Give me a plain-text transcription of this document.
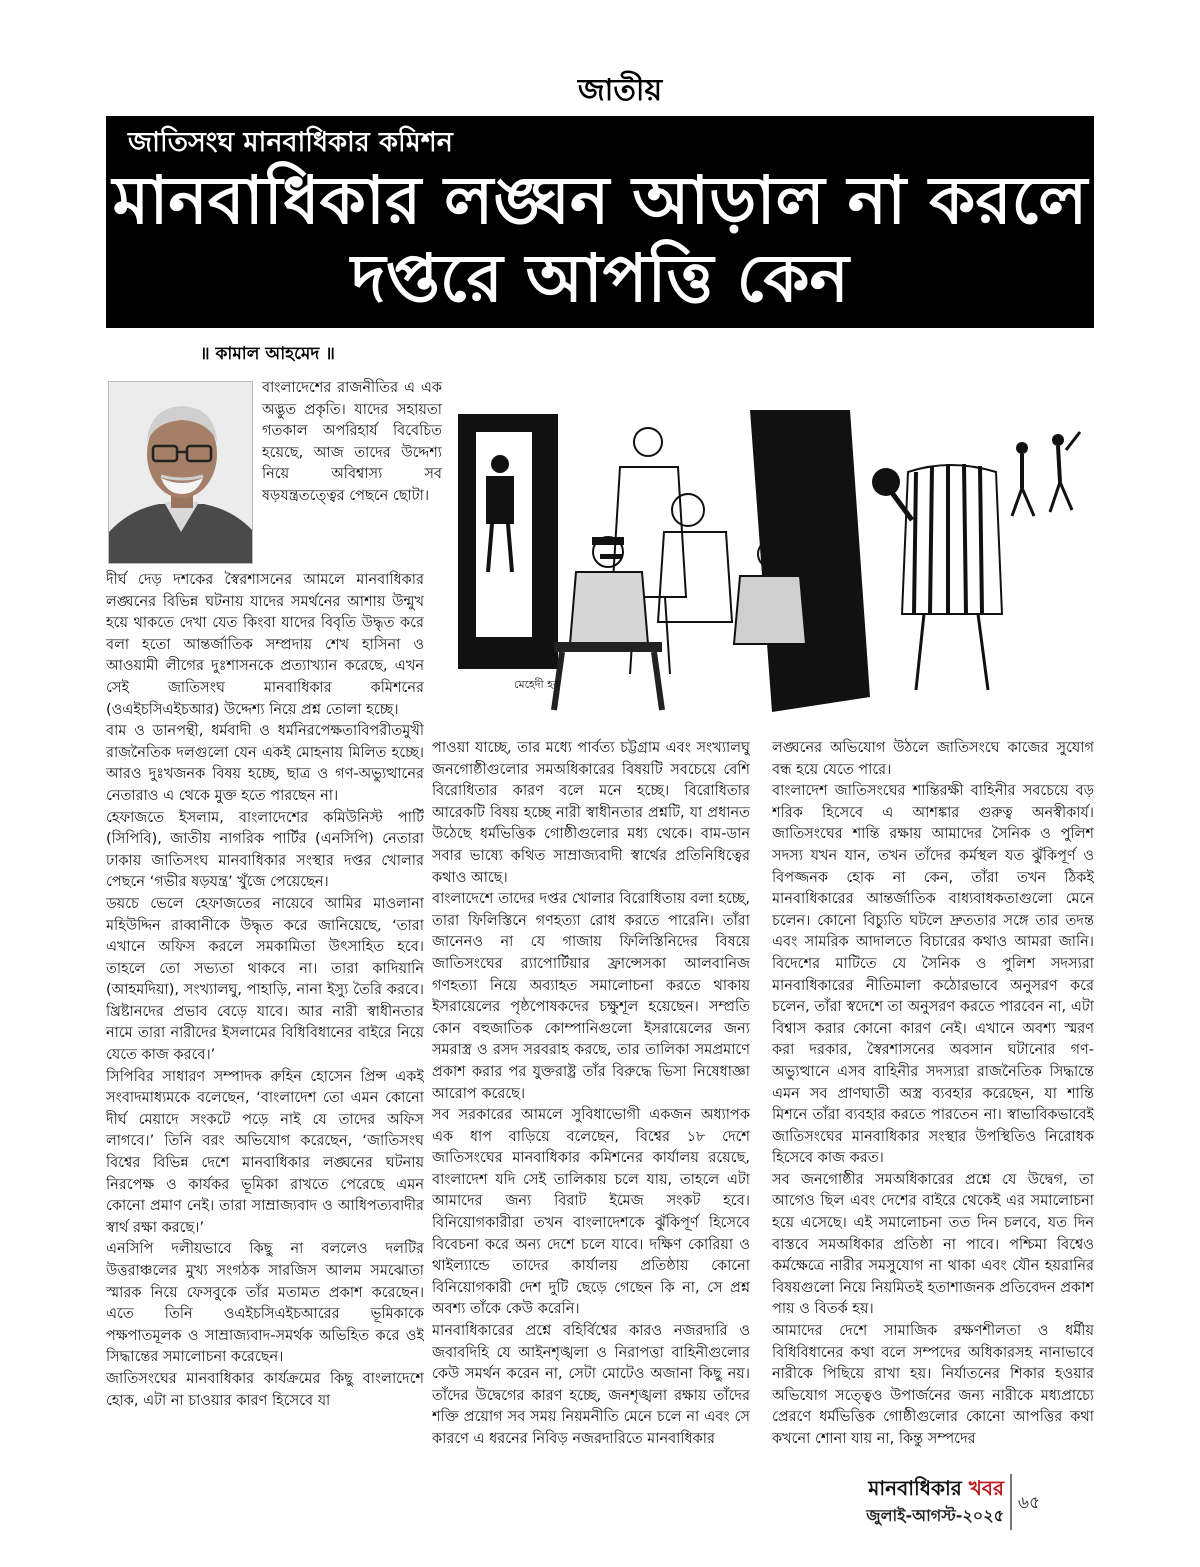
জাতীয়
জাতিসংঘ মানবাধিকার কমিশন
মানবাধিকার লঙ্ঘন আড়াল না করলে দপ্তরে আপত্তি কেন
॥ কামাল আহমেদ ॥
বাংলাদেশের রাজনীতির এ এক অদ্ভুত প্রকৃতি। যাদের সহায়তা গতকাল অপরিহার্য বিবেচিত হয়েছে, আজ তাদের উদ্দেশ্য নিয়ে অবিশ্বাস্য সব ষড়যন্ত্রতত্ত্বের পেছনে ছোটা।
মেহেদী হক

দীর্ঘ দেড় দশকের স্বৈরশাসনের আমলে মানবাধিকার লঙ্ঘনের বিভিন্ন ঘটনায় যাদের সমর্থনের আশায় উন্মুখ হয়ে থাকতে দেখা যেত কিংবা যাদের বিবৃতি উদ্ধৃত করে বলা হতো আন্তর্জাতিক সম্প্রদায় শেখ হাসিনা ও আওয়ামী লীগের দুঃশাসনকে প্রত্যাখ্যান করেছে, এখন সেই জাতিসংঘ মানবাধিকার কমিশনের (ওএইচসিএইচআর) উদ্দেশ্য নিয়ে প্রশ্ন তোলা হচ্ছে।

বাম ও ডানপন্থী, ধর্মবাদী ও ধর্মনিরপেক্ষতাবিপরীতমুখী রাজনৈতিক দলগুলো যেন একই মোহনায় মিলিত হচ্ছে। আরও দুঃখজনক বিষয় হচ্ছে, ছাত্র ও গণ-অভ্যুত্থানের নেতারাও এ থেকে মুক্ত হতে পারছেন না।

হেফাজতে ইসলাম, বাংলাদেশের কমিউনিস্ট পার্টি (সিপিবি), জাতীয় নাগরিক পার্টির (এনসিপি) নেতারা ঢাকায় জাতিসংঘ মানবাধিকার সংস্থার দপ্তর খোলার পেছনে ‘গভীর ষড়যন্ত্র’ খুঁজে পেয়েছেন।

ডয়চে ভেলে হেফাজতের নায়েবে আমির মাওলানা মহিউদ্দিন রাব্বানীকে উদ্ধৃত করে জানিয়েছে, ‘তারা এখানে অফিস করলে সমকামিতা উৎসাহিত হবে। তাহলে তো সভ্যতা থাকবে না। তারা কাদিয়ানি (আহমদিয়া), সংখ্যালঘু, পাহাড়ি, নানা ইস্যু তৈরি করবে। খ্রিষ্টানদের প্রভাব বেড়ে যাবে। আর নারী স্বাধীনতার নামে তারা নারীদের ইসলামের বিধিবিধানের বাইরে নিয়ে যেতে কাজ করবে।’

সিপিবির সাধারণ সম্পাদক রুহিন হোসেন প্রিন্স একই সংবাদমাধ্যমকে বলেছেন, ‘বাংলাদেশ তো এমন কোনো দীর্ঘ মেয়াদে সংকটে পড়ে নাই যে তাদের অফিস লাগবে।’ তিনি বরং অভিযোগ করেছেন, ‘জাতিসংঘ বিশ্বের বিভিন্ন দেশে মানবাধিকার লঙ্ঘনের ঘটনায় নিরপেক্ষ ও কার্যকর ভূমিকা রাখতে পেরেছে এমন কোনো প্রমাণ নেই। তারা সাম্রাজ্যবাদ ও আধিপত্যবাদীর স্বার্থ রক্ষা করছে।’

এনসিপি দলীয়ভাবে কিছু না বললেও দলটির উত্তরাঞ্চলের মুখ্য সংগঠক সারজিস আলম সমঝোতা স্মারক নিয়ে ফেসবুকে তাঁর মতামত প্রকাশ করেছেন। এতে তিনি ওএইচসিএইচআরের ভূমিকাকে পক্ষপাতমূলক ও সাম্রাজ্যবাদ-সমর্থক অভিহিত করে ওই সিদ্ধান্তের সমালোচনা করেছেন।

জাতিসংঘের মানবাধিকার কার্যক্রমের কিছু বাংলাদেশে হোক, এটা না চাওয়ার কারণ হিসেবে যা

পাওয়া যাচ্ছে, তার মধ্যে পার্বত্য চট্টগ্রাম এবং সংখ্যালঘু জনগোষ্ঠীগুলোর সমঅধিকারের বিষয়টি সবচেয়ে বেশি বিরোধিতার কারণ বলে মনে হচ্ছে। বিরোধিতার আরেকটি বিষয় হচ্ছে নারী স্বাধীনতার প্রশ্নটি, যা প্রধানত উঠেছে ধর্মভিত্তিক গোষ্ঠীগুলোর মধ্য থেকে। বাম-ডান সবার ভাষ্যে কথিত সাম্রাজ্যবাদী স্বার্থের প্রতিনিধিত্বের কথাও আছে।

বাংলাদেশে তাদের দপ্তর খোলার বিরোধিতায় বলা হচ্ছে, তারা ফিলিস্তিনে গণহত্যা রোধ করতে পারেনি। তাঁরা জানেনও না যে গাজায় ফিলিস্তিনিদের বিষয়ে জাতিসংঘের র‍্যাপোর্টিয়ার ফ্রান্সেসকা আলবানিজ গণহত্যা নিয়ে অব্যাহত সমালোচনা করতে থাকায় ইসরায়েলের পৃষ্ঠপোষকদের চক্ষুশূল হয়েছেন। সম্প্রতি কোন বহুজাতিক কোম্পানিগুলো ইসরায়েলের জন্য সমরাস্ত্র ও রসদ সরবরাহ করছে, তার তালিকা সমপ্রমাণে প্রকাশ করার পর যুক্তরাষ্ট্র তাঁর বিরুদ্ধে ভিসা নিষেধাজ্ঞা আরোপ করেছে।

সব সরকারের আমলে সুবিধাভোগী একজন অধ্যাপক এক ধাপ বাড়িয়ে বলেছেন, বিশ্বের ১৮ দেশে জাতিসংঘের মানবাধিকার কমিশনের কার্যালয় রয়েছে, বাংলাদেশ যদি সেই তালিকায় চলে যায়, তাহলে এটা আমাদের জন্য বিরাট ইমেজ সংকট হবে। বিনিয়োগকারীরা তখন বাংলাদেশকে ঝুঁকিপূর্ণ হিসেবে বিবেচনা করে অন্য দেশে চলে যাবে। দক্ষিণ কোরিয়া ও থাইল্যান্ডে তাদের কার্যালয় প্রতিষ্ঠায় কোনো বিনিয়োগকারী দেশ দুটি ছেড়ে গেছেন কি না, সে প্রশ্ন অবশ্য তাঁকে কেউ করেনি।

মানবাধিকারের প্রশ্নে বহির্বিশ্বের কারও নজরদারি ও জবাবদিহি যে আইনশৃঙ্খলা ও নিরাপত্তা বাহিনীগুলোর কেউ সমর্থন করেন না, সেটা মোটেও অজানা কিছু নয়। তাঁদের উদ্বেগের কারণ হচ্ছে, জনশৃঙ্খলা রক্ষায় তাঁদের শক্তি প্রয়োগ সব সময় নিয়মনীতি মেনে চলে না এবং সে কারণে এ ধরনের নিবিড় নজরদারিতে মানবাধিকার

লঙ্ঘনের অভিযোগ উঠলে জাতিসংঘে কাজের সুযোগ বন্ধ হয়ে যেতে পারে।

বাংলাদেশ জাতিসংঘের শান্তিরক্ষী বাহিনীর সবচেয়ে বড় শরিক হিসেবে এ আশঙ্কার গুরুত্ব অনস্বীকার্য। জাতিসংঘের শান্তি রক্ষায় আমাদের সৈনিক ও পুলিশ সদস্য যখন যান, তখন তাঁদের কর্মস্থল যত ঝুঁকিপূর্ণ ও বিপজ্জনক হোক না কেন, তাঁরা তখন ঠিকই মানবাধিকারের আন্তর্জাতিক বাধ্যবাধকতাগুলো মেনে চলেন। কোনো বিচ্যুতি ঘটলে দ্রুততার সঙ্গে তার তদন্ত এবং সামরিক আদালতে বিচারের কথাও আমরা জানি। বিদেশের মাটিতে যে সৈনিক ও পুলিশ সদস্যরা মানবাধিকারের নীতিমালা কঠোরভাবে অনুসরণ করে চলেন, তাঁরা স্বদেশে তা অনুসরণ করতে পারবেন না, এটা বিশ্বাস করার কোনো কারণ নেই। এখানে অবশ্য স্মরণ করা দরকার, স্বৈরশাসনের অবসান ঘটানোর গণ-অভ্যুত্থানে এসব বাহিনীর সদস্যরা রাজনৈতিক সিদ্ধান্তে এমন সব প্রাণঘাতী অস্ত্র ব্যবহার করেছেন, যা শান্তি মিশনে তাঁরা ব্যবহার করতে পারতেন না। স্বাভাবিকভাবেই জাতিসংঘের মানবাধিকার সংস্থার উপস্থিতিও নিরোধক হিসেবে কাজ করত।

সব জনগোষ্ঠীর সমঅধিকারের প্রশ্নে যে উদ্বেগ, তা আগেও ছিল এবং দেশের বাইরে থেকেই এর সমালোচনা হয়ে এসেছে। এই সমালোচনা তত দিন চলবে, যত দিন বাস্তবে সমঅধিকার প্রতিষ্ঠা না পাবে। পশ্চিমা বিশ্বেও কর্মক্ষেত্রে নারীর সমসুযোগ না থাকা এবং যৌন হয়রানির বিষয়গুলো নিয়ে নিয়মিতই হতাশাজনক প্রতিবেদন প্রকাশ পায় ও বিতর্ক হয়।

আমাদের দেশে সামাজিক রক্ষণশীলতা ও ধর্মীয় বিধিবিধানের কথা বলে সম্পদের অধিকারসহ নানাভাবে নারীকে পিছিয়ে রাখা হয়। নির্যাতনের শিকার হওয়ার অভিযোগ সত্ত্বেও উপার্জনের জন্য নারীকে মধ্যপ্রাচ্যে প্রেরণে ধর্মভিত্তিক গোষ্ঠীগুলোর কোনো আপত্তির কথা কখনো শোনা যায় না, কিন্তু সম্পদের

মানবাধিকার খবর
জুলাই-আগস্ট-২০২৫
৬৫
